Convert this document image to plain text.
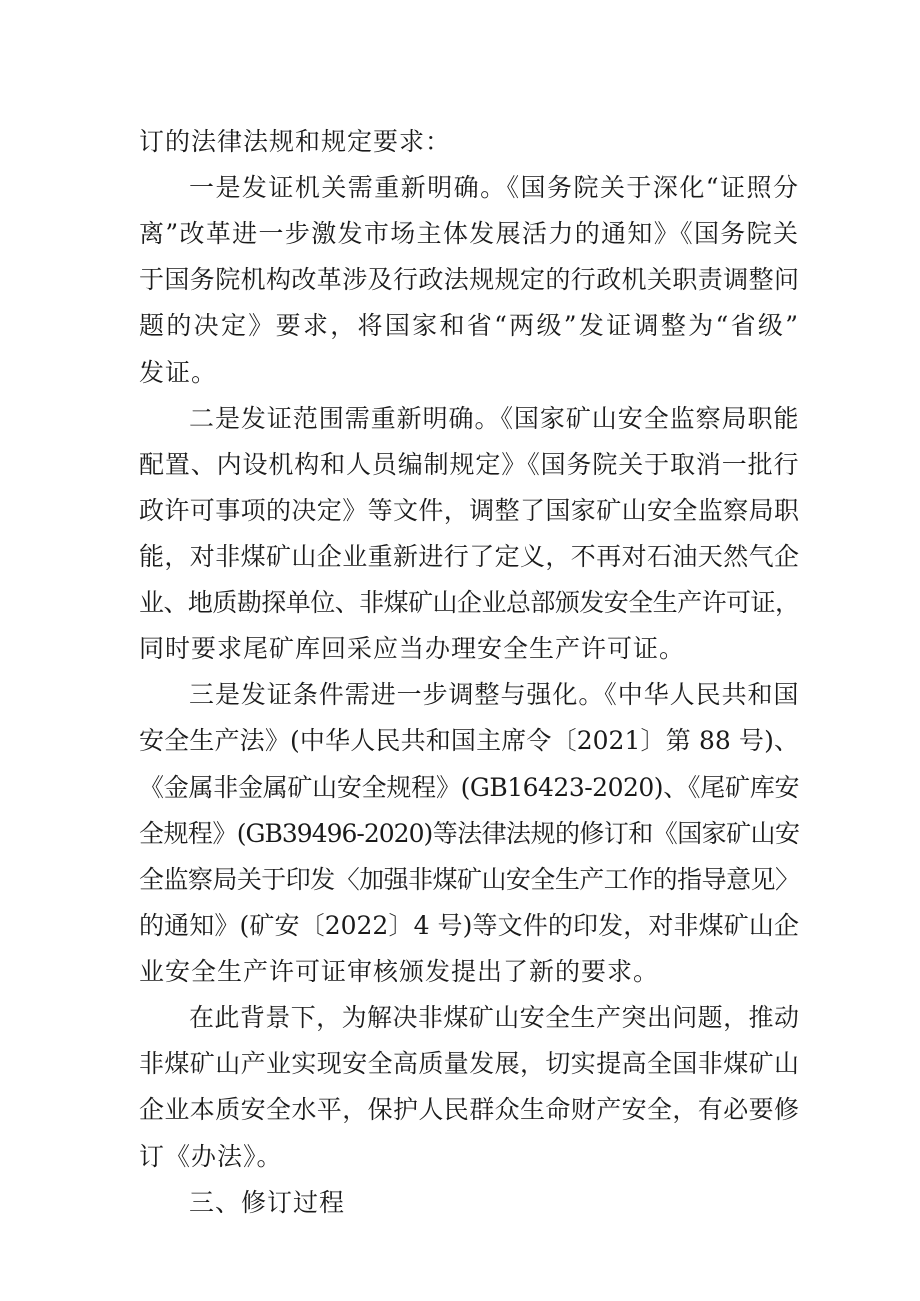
订的法律法规和规定要求：
一是发证机关需重新明确。《国务院关于深化“证照分
离”改革进一步激发市场主体发展活力的通知》《国务院关
于国务院机构改革涉及行政法规规定的行政机关职责调整问
题的决定》要求，将国家和省“两级”发证调整为“省级”
发证。
二是发证范围需重新明确。《国家矿山安全监察局职能
配置、内设机构和人员编制规定》《国务院关于取消一批行
政许可事项的决定》等文件，调整了国家矿山安全监察局职
能，对非煤矿山企业重新进行了定义，不再对石油天然气企
业、地质勘探单位、非煤矿山企业总部颁发安全生产许可证，
同时要求尾矿库回采应当办理安全生产许可证。
三是发证条件需进一步调整与强化。《中华人民共和国
安全生产法》(中华人民共和国主席令〔2021〕第 88 号)、
《金属非金属矿山安全规程》(GB16423-2020)、《尾矿库安
全规程》(GB39496-2020)等法律法规的修订和《国家矿山安
全监察局关于印发〈加强非煤矿山安全生产工作的指导意见〉
的通知》(矿安〔2022〕4 号)等文件的印发，对非煤矿山企
业安全生产许可证审核颁发提出了新的要求。
在此背景下，为解决非煤矿山安全生产突出问题，推动
非煤矿山产业实现安全高质量发展，切实提高全国非煤矿山
企业本质安全水平，保护人民群众生命财产安全，有必要修
订《办法》。
三、修订过程
